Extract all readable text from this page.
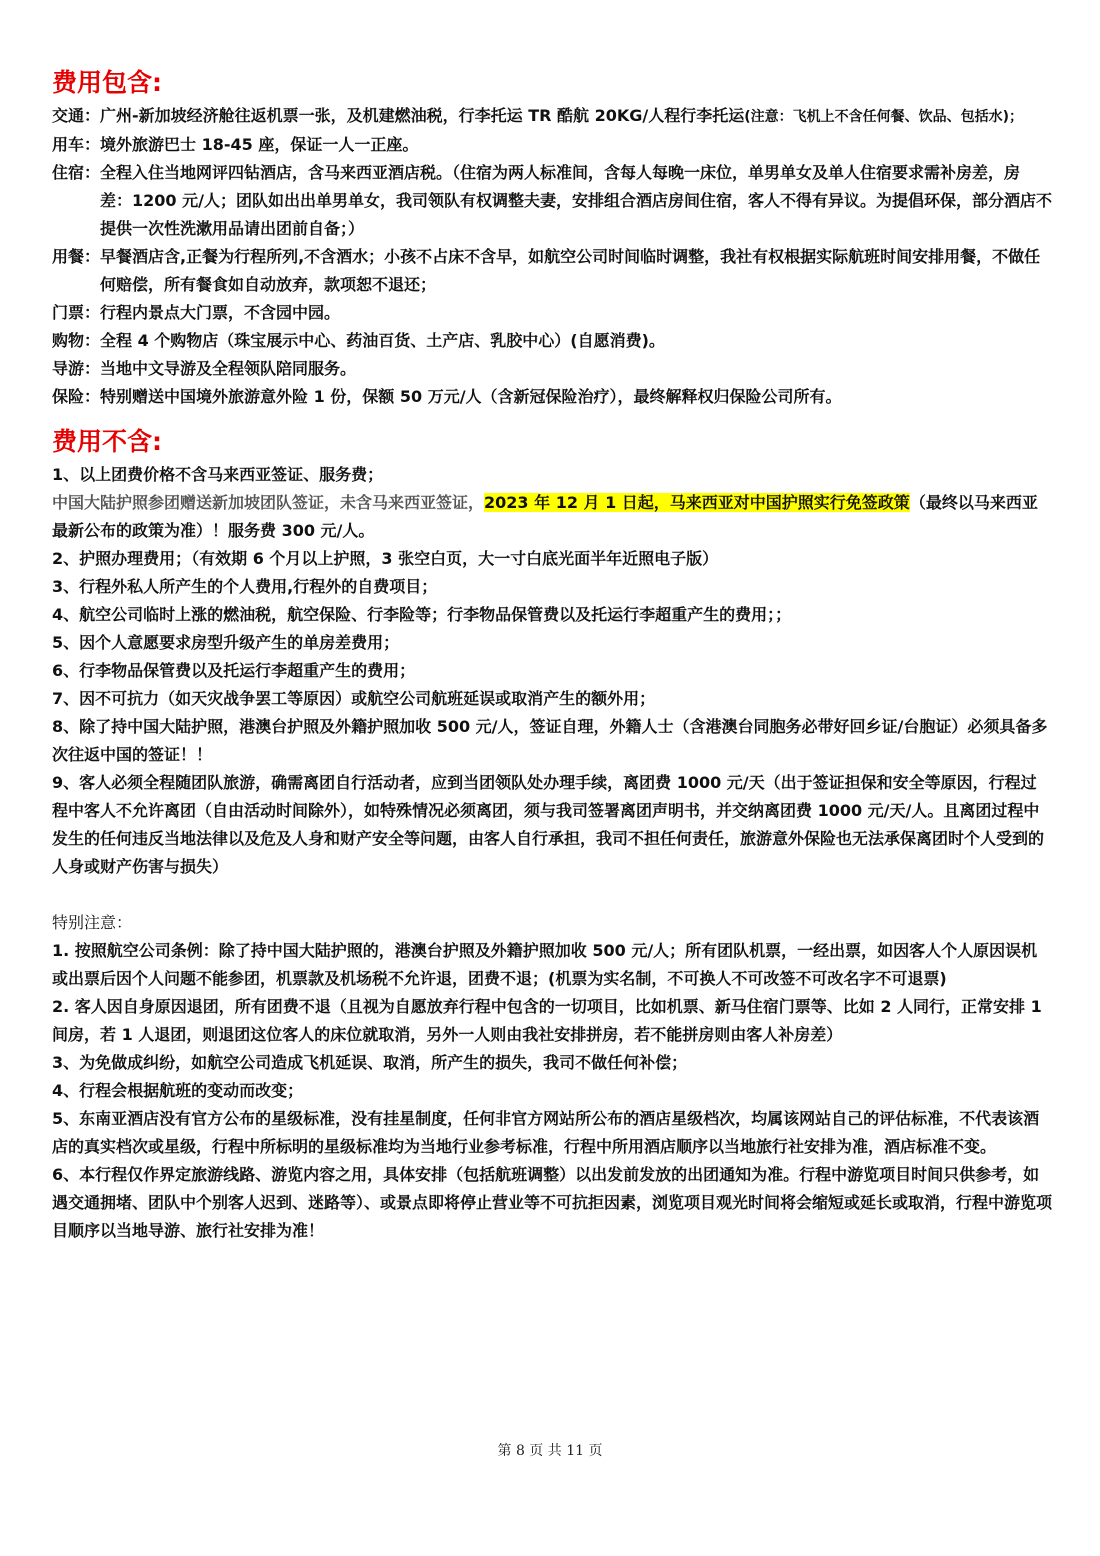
费用包含:
交通：广州-新加坡经济舱往返机票一张，及机建燃油税，行李托运 TR 酷航 20KG/人程行李托运(注意：飞机上不含任何餐、饮品、包括水)；
用车： 境外旅游巴士 18-45 座，保证一人一正座。
住宿： 全程入住当地网评四钻酒店，含马来西亚酒店税。（住宿为两人标准间，含每人每晚一床位，单男单女及单人住宿要求需补房差，房差：1200 元/人；团队如出出单男单女，我司领队有权调整夫妻，安排组合酒店房间住宿，客人不得有异议。为提倡环保，部分酒店不提供一次性洗漱用品请出团前自备；）
用餐： 早餐酒店含,正餐为行程所列,不含酒水；小孩不占床不含早，如航空公司时间临时调整，我社有权根据实际航班时间安排用餐，不做任何赔偿，所有餐食如自动放弃，款项恕不退还；
门票： 行程内景点大门票，不含园中园。
购物： 全程 4 个购物店（珠宝展示中心、药油百货、土产店、乳胶中心）(自愿消费)。
导游： 当地中文导游及全程领队陪同服务。
保险： 特别赠送中国境外旅游意外险 1 份，保额 50 万元/人（含新冠保险治疗），最终解释权归保险公司所有。
费用不含:

1、以上团费价格不含马来西亚签证、服务费；

中国大陆护照参团赠送新加坡团队签证，未含马来西亚签证，2023 年 12 月 1 日起，马来西亚对中国护照实行免签政策（最终以马来西亚最新公布的政策为准）！服务费 300 元/人。

2、护照办理费用；（有效期 6 个月以上护照，3 张空白页，大一寸白底光面半年近照电子版）

3、行程外私人所产生的个人费用,行程外的自费项目；

4、航空公司临时上涨的燃油税，航空保险、行李险等；行李物品保管费以及托运行李超重产生的费用；；

5、因个人意愿要求房型升级产生的单房差费用；

6、行李物品保管费以及托运行李超重产生的费用；

7、因不可抗力（如天灾战争罢工等原因）或航空公司航班延误或取消产生的额外用；

8、除了持中国大陆护照，港澳台护照及外籍护照加收 500 元/人，签证自理，外籍人士（含港澳台同胞务必带好回乡证/台胞证）必须具备多次往返中国的签证！！

9、客人必须全程随团队旅游，确需离团自行活动者，应到当团领队处办理手续，离团费 1000 元/天（出于签证担保和安全等原因，行程过程中客人不允许离团（自由活动时间除外），如特殊情况必须离团，须与我司签署离团声明书，并交纳离团费 1000 元/天/人。且离团过程中发生的任何违反当地法律以及危及人身和财产安全等问题，由客人自行承担，我司不担任何责任，旅游意外保险也无法承保离团时个人受到的人身或财产伤害与损失）

特别注意：

1. 按照航空公司条例：除了持中国大陆护照的，港澳台护照及外籍护照加收 500 元/人；所有团队机票，一经出票，如因客人个人原因误机或出票后因个人问题不能参团，机票款及机场税不允许退，团费不退；(机票为实名制，不可换人不可改签不可改名字不可退票)

2. 客人因自身原因退团，所有团费不退（且视为自愿放弃行程中包含的一切项目，比如机票、新马住宿门票等、比如 2 人同行，正常安排 1 间房，若 1 人退团，则退团这位客人的床位就取消，另外一人则由我社安排拼房，若不能拼房则由客人补房差）

3、为免做成纠纷，如航空公司造成飞机延误、取消，所产生的损失，我司不做任何补偿；

4、行程会根据航班的变动而改变；

5、东南亚酒店没有官方公布的星级标准，没有挂星制度，任何非官方网站所公布的酒店星级档次，均属该网站自己的评估标准，不代表该酒店的真实档次或星级，行程中所标明的星级标准均为当地行业参考标准，行程中所用酒店顺序以当地旅行社安排为准，酒店标准不变。

6、本行程仅作界定旅游线路、游览内容之用，具体安排（包括航班调整）以出发前发放的出团通知为准。行程中游览项目时间只供参考，如遇交通拥堵、团队中个别客人迟到、迷路等）、或景点即将停止营业等不可抗拒因素，浏览项目观光时间将会缩短或延长或取消，行程中游览项目顺序以当地导游、旅行社安排为准！

第 8 页 共 11 页
